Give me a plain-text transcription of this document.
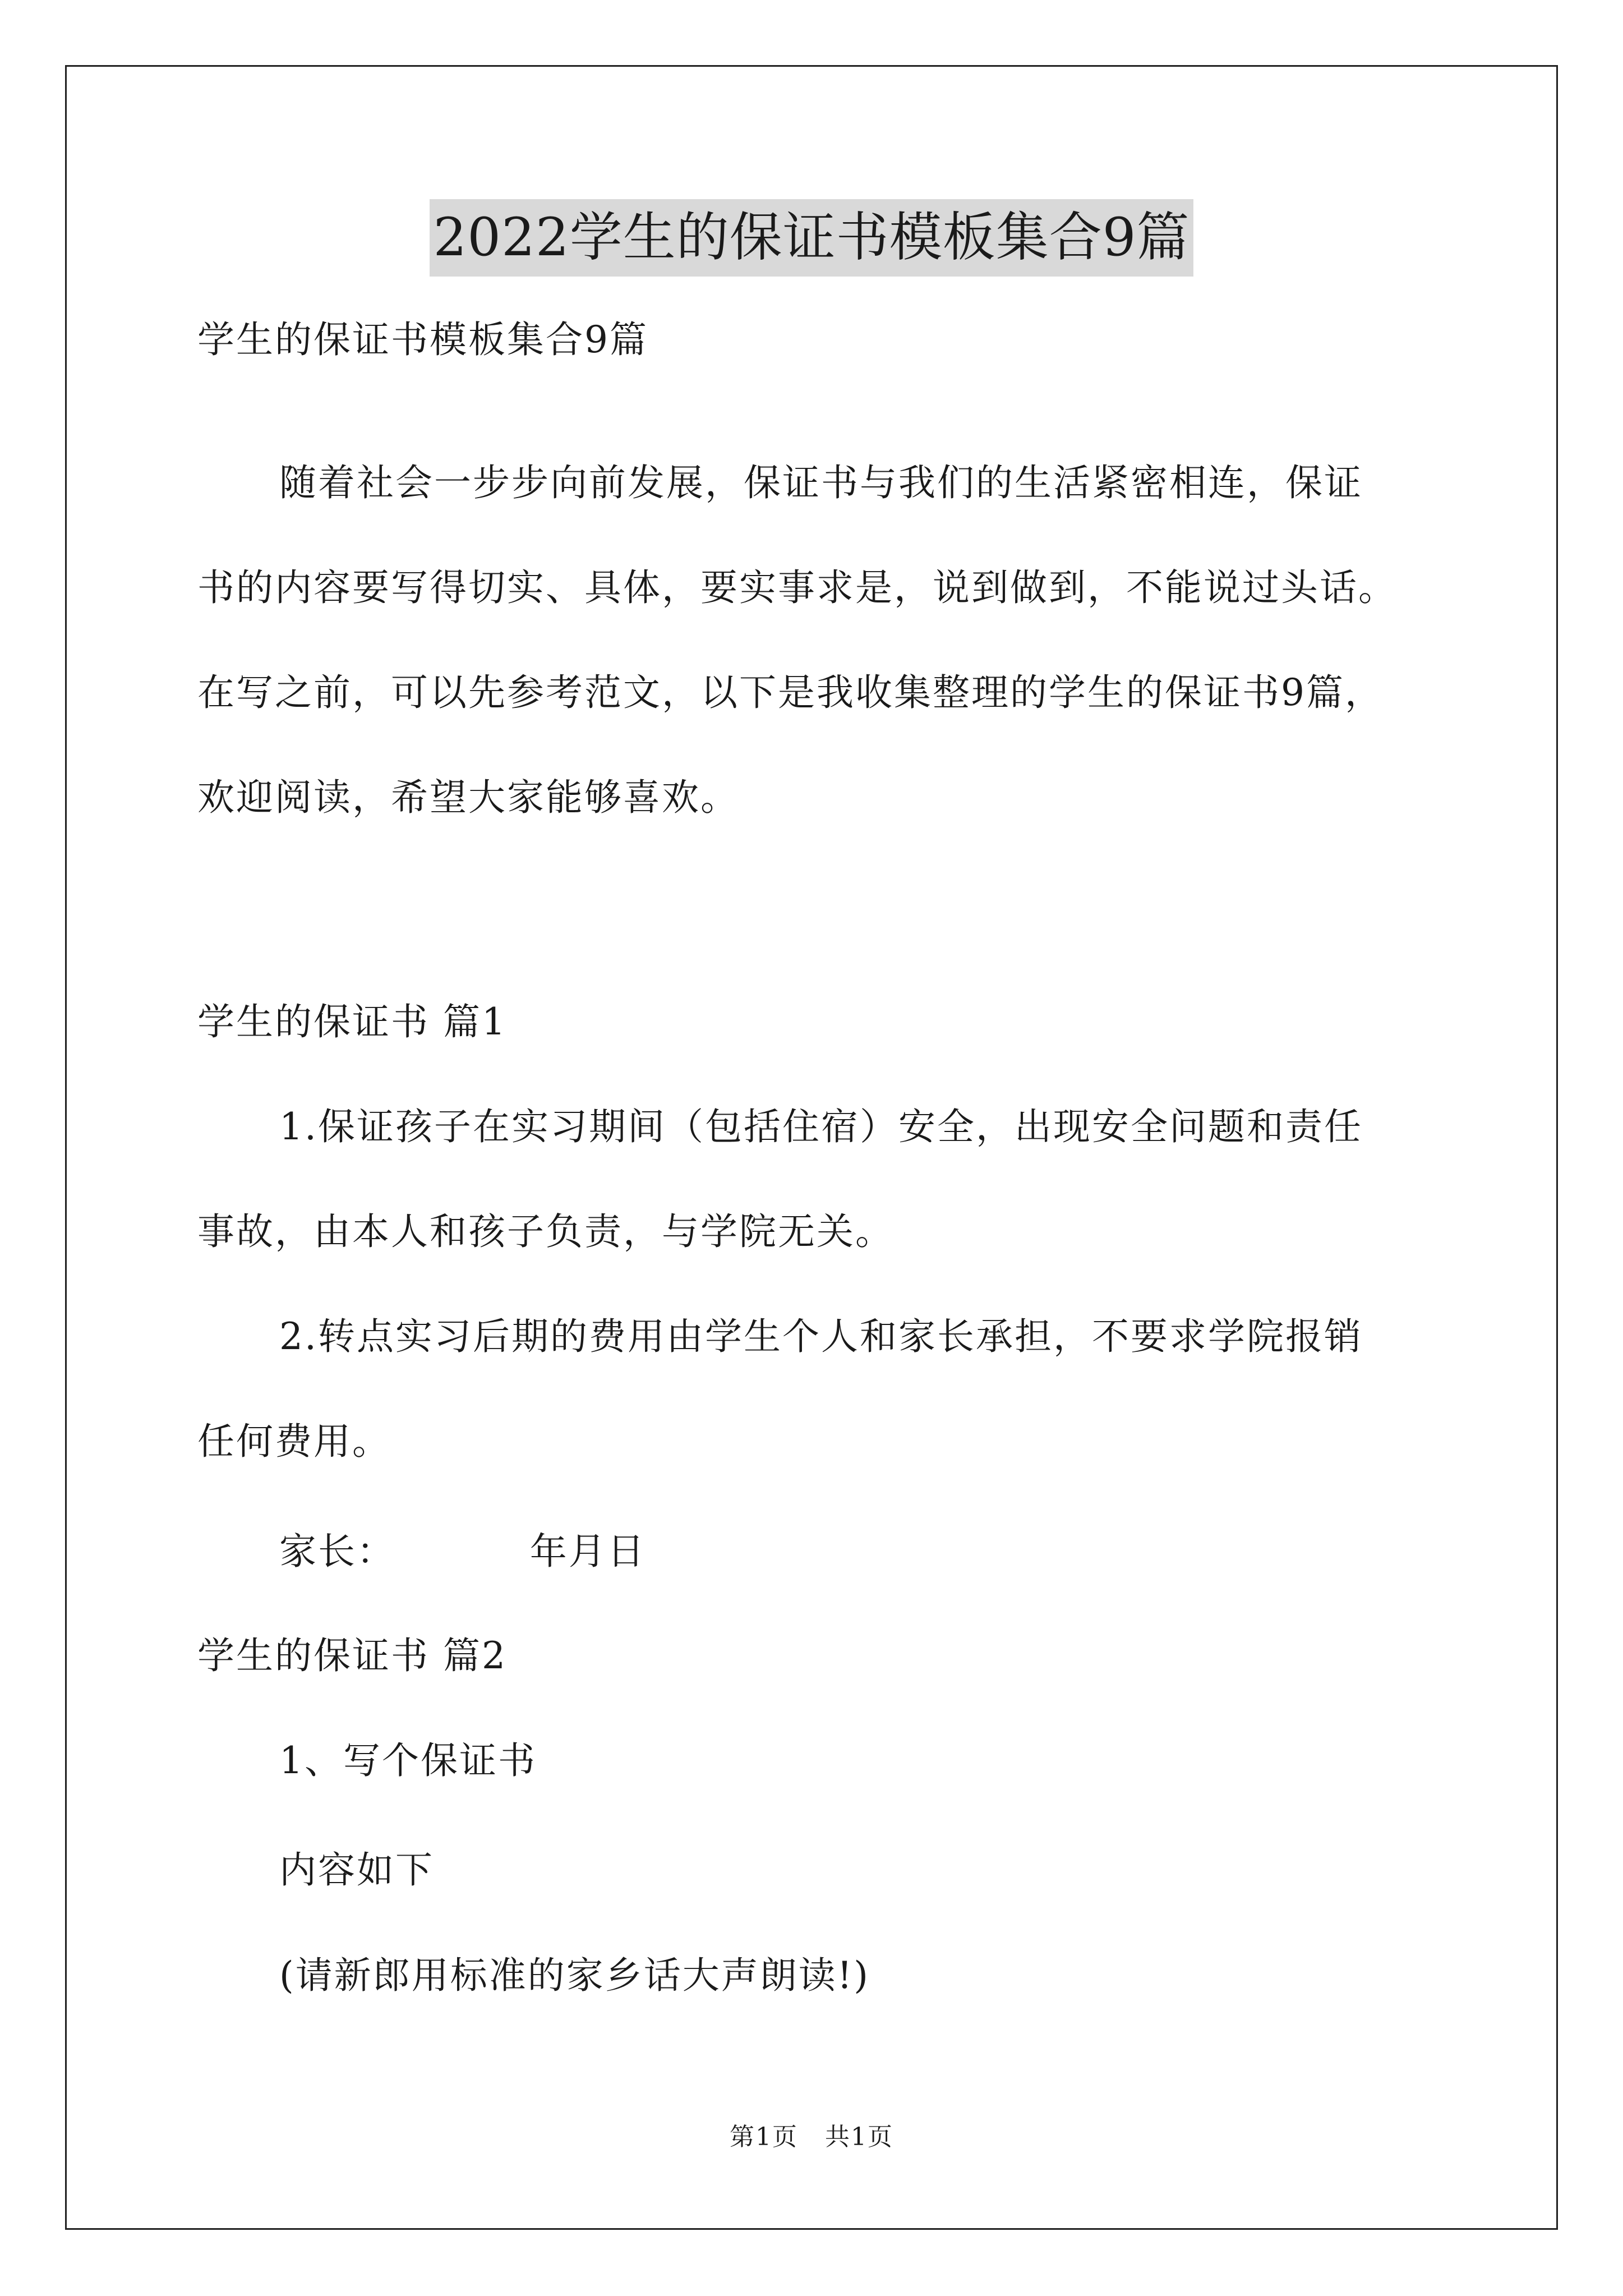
2022学生的保证书模板集合9篇
学生的保证书模板集合9篇
随着社会一步步向前发展，保证书与我们的生活紧密相连，保证
书的内容要写得切实、具体，要实事求是，说到做到，不能说过头话。
在写之前，可以先参考范文，以下是我收集整理的学生的保证书9篇，
欢迎阅读，希望大家能够喜欢。
学生的保证书 篇1
1.保证孩子在实习期间（包括住宿）安全，出现安全问题和责任
事故，由本人和孩子负责，与学院无关。
2.转点实习后期的费用由学生个人和家长承担，不要求学院报销
任何费用。
家长：          年月日
学生的保证书 篇2
1、写个保证书
内容如下
(请新郎用标准的家乡话大声朗读!)
第1页   共1页
